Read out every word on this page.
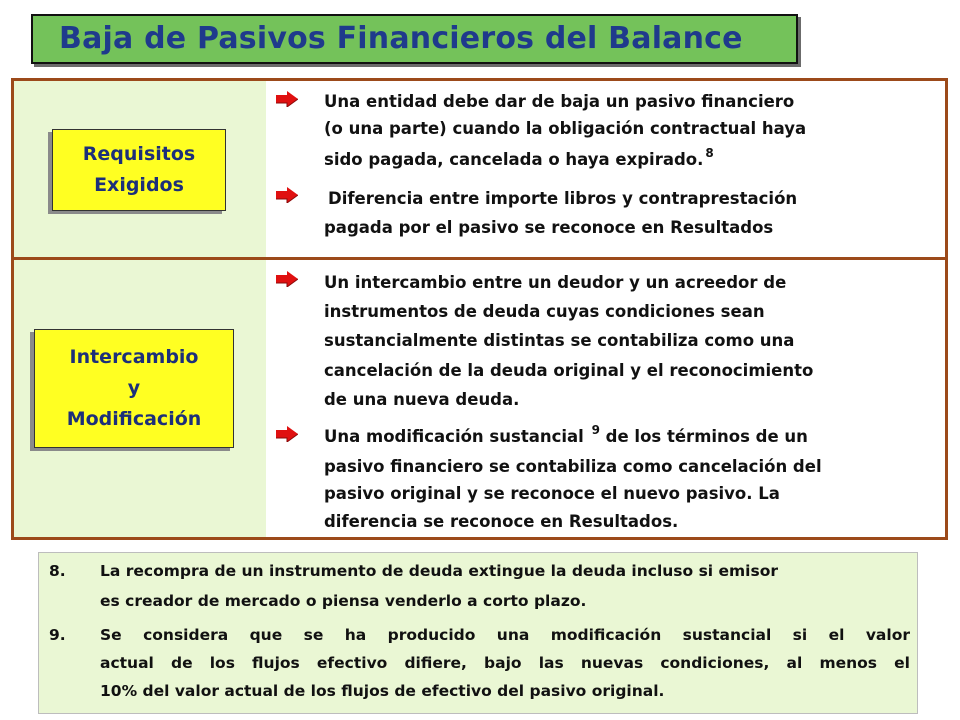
Baja de Pasivos Financieros del Balance
Requisitos
Exigidos

Una entidad debe dar de baja un pasivo financiero

(o una parte) cuando la obligación contractual haya

sido pagada, cancelada o haya expirado. $^8$

Diferencia entre importe libros y contraprestación

pagada por el pasivo se reconoce en Resultados

Intercambio
y
Modificación

Un intercambio entre un deudor y un acreedor de

instrumentos de deuda cuyas condiciones sean

sustancialmente distintas se contabiliza como una

cancelación de la deuda original y el reconocimiento

de una nueva deuda.

Una modificación sustancial $^9$ de los términos de un

pasivo financiero se contabiliza como cancelación del

pasivo original y se reconoce el nuevo pasivo. La

diferencia se reconoce en Resultados.

8. La recompra de un instrumento de deuda extingue la deuda incluso si emisor
es creador de mercado o piensa venderlo a corto plazo.
9. Se considera que se ha producido una modificación sustancial si el valor
actual de los flujos efectivo difiere, bajo las nuevas condiciones, al menos el
10% del valor actual de los flujos de efectivo del pasivo original.
